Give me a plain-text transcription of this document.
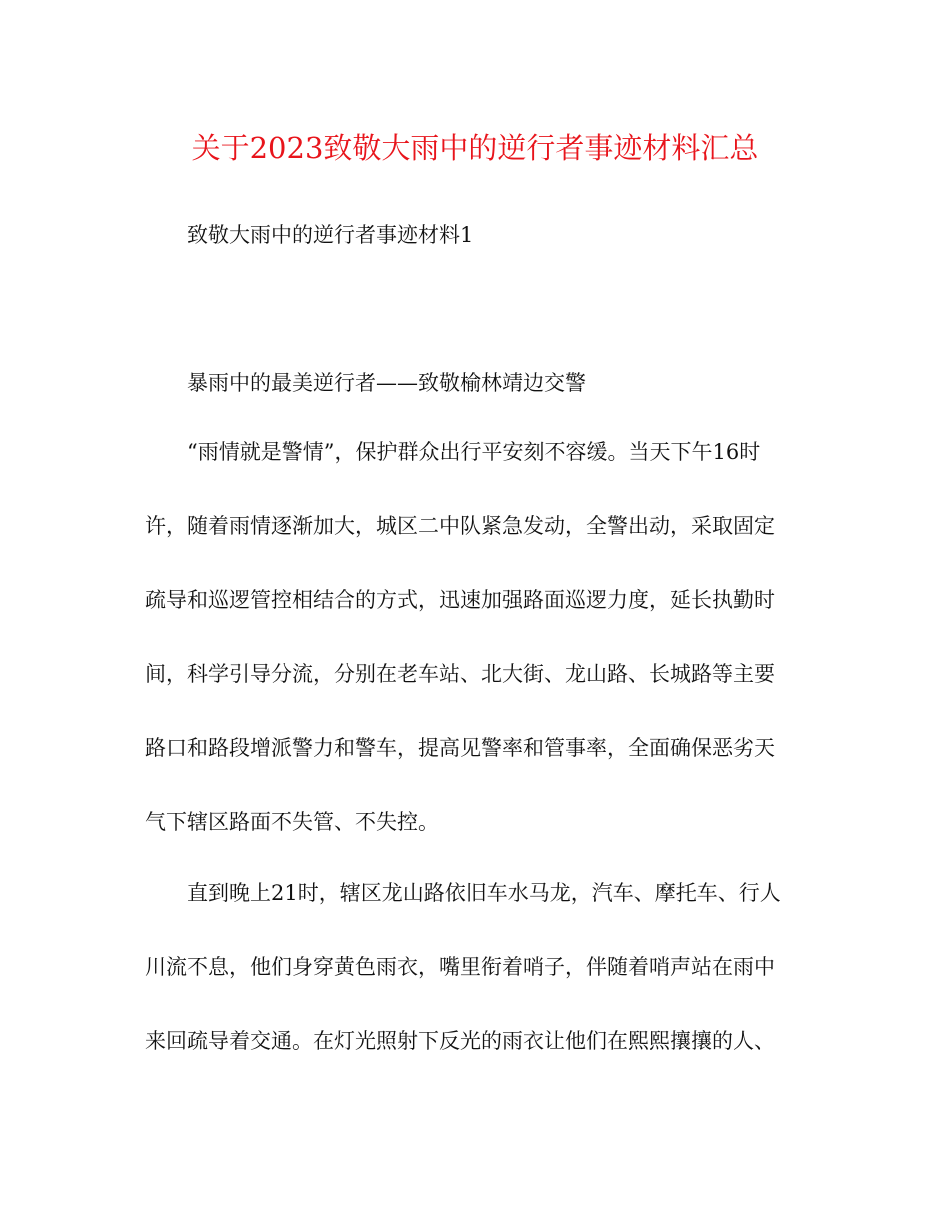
关于2023致敬大雨中的逆行者事迹材料汇总
致敬大雨中的逆行者事迹材料1
暴雨中的最美逆行者——致敬榆林靖边交警
“雨情就是警情”，保护群众出行平安刻不容缓。当天下午16时
许，随着雨情逐渐加大，城区二中队紧急发动，全警出动，采取固定
疏导和巡逻管控相结合的方式，迅速加强路面巡逻力度，延长执勤时
间，科学引导分流，分别在老车站、北大街、龙山路、长城路等主要
路口和路段增派警力和警车，提高见警率和管事率，全面确保恶劣天
气下辖区路面不失管、不失控。
直到晚上21时，辖区龙山路依旧车水马龙，汽车、摩托车、行人
川流不息，他们身穿黄色雨衣，嘴里衔着哨子，伴随着哨声站在雨中
来回疏导着交通。在灯光照射下反光的雨衣让他们在熙熙攘攘的人、
